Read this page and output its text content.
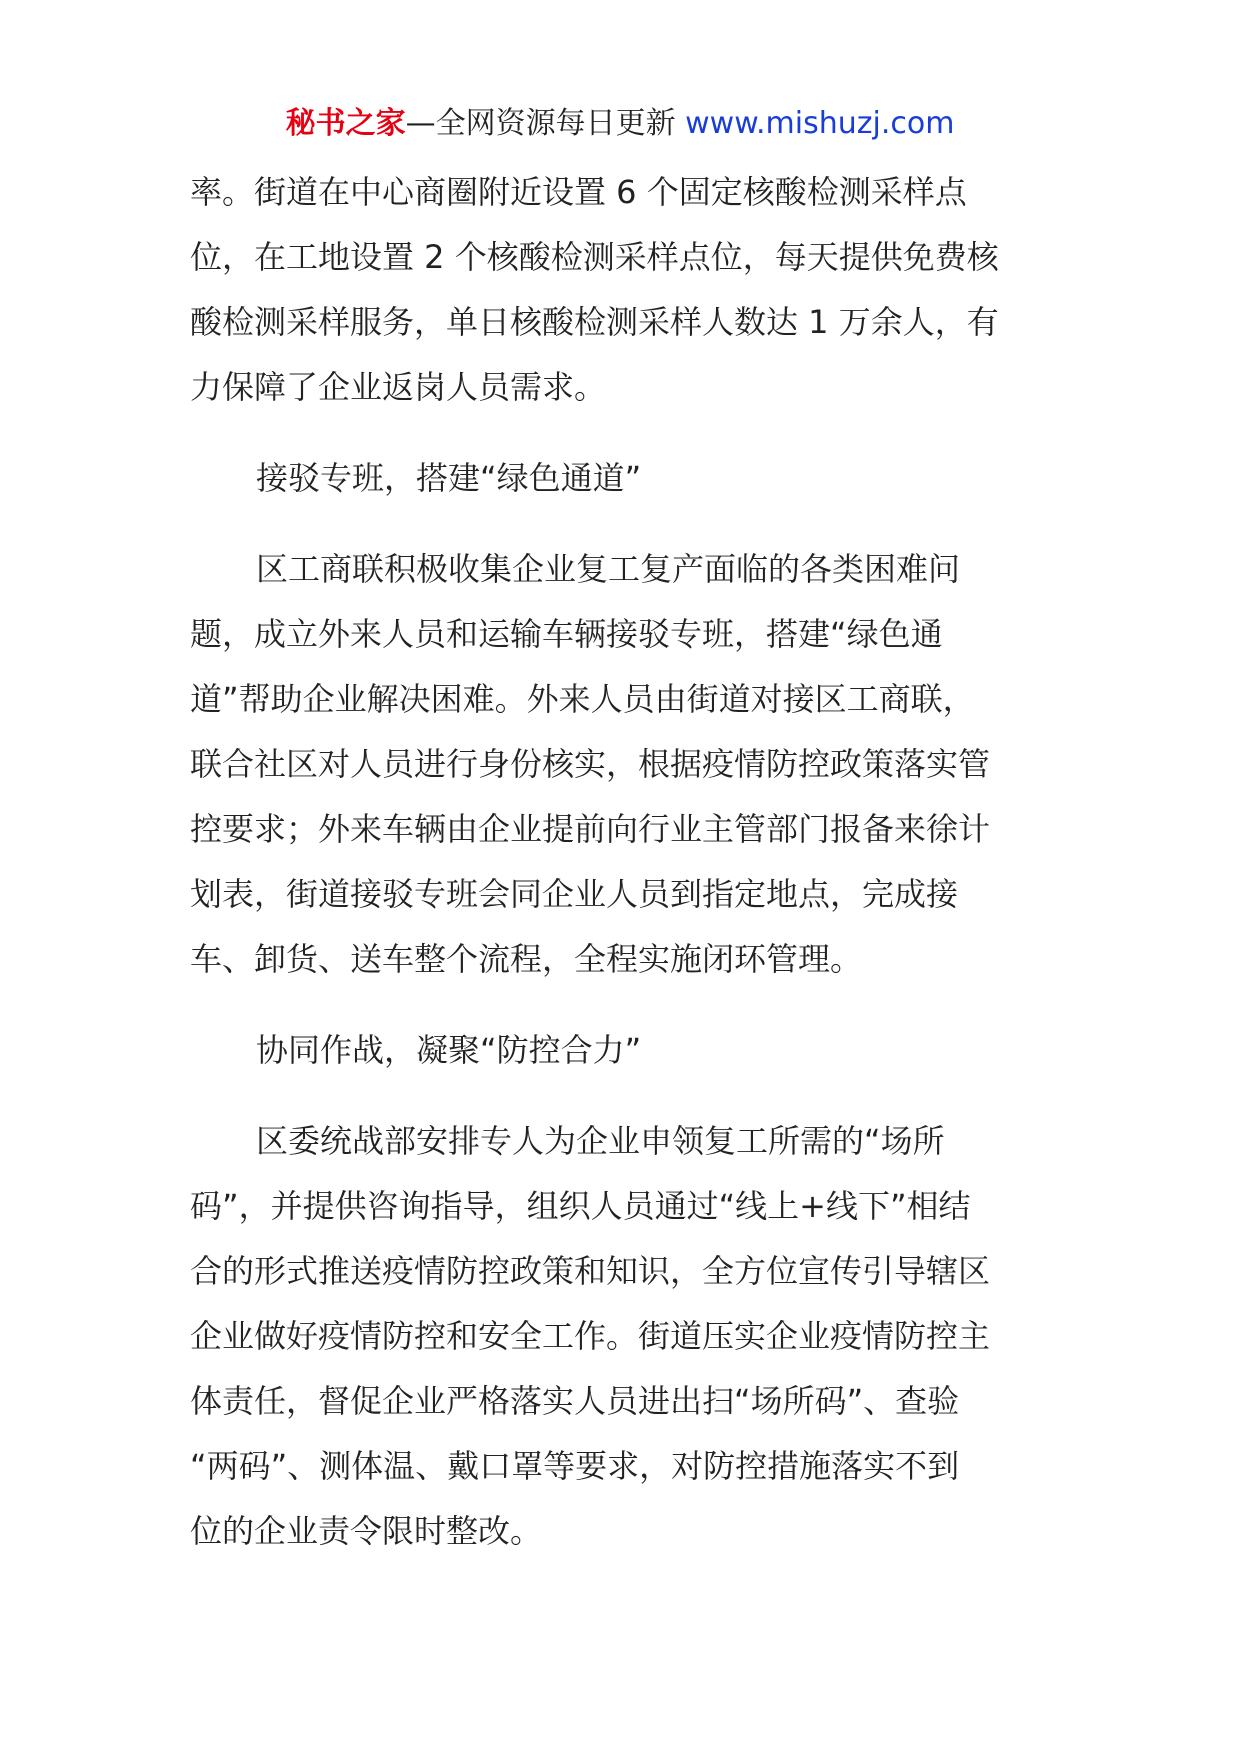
秘书之家—全网资源每日更新 www.mishuzj.com
率。街道在中心商圈附近设置 6 个固定核酸检测采样点
位，在工地设置 2 个核酸检测采样点位，每天提供免费核
酸检测采样服务，单日核酸检测采样人数达 1 万余人，有
力保障了企业返岗人员需求。
接驳专班，搭建“绿色通道”
区工商联积极收集企业复工复产面临的各类困难问
题，成立外来人员和运输车辆接驳专班，搭建“绿色通
道”帮助企业解决困难。外来人员由街道对接区工商联，
联合社区对人员进行身份核实，根据疫情防控政策落实管
控要求；外来车辆由企业提前向行业主管部门报备来徐计
划表，街道接驳专班会同企业人员到指定地点，完成接
车、卸货、送车整个流程，全程实施闭环管理。
协同作战，凝聚“防控合力”
区委统战部安排专人为企业申领复工所需的“场所
码”，并提供咨询指导，组织人员通过“线上+线下”相结
合的形式推送疫情防控政策和知识，全方位宣传引导辖区
企业做好疫情防控和安全工作。街道压实企业疫情防控主
体责任，督促企业严格落实人员进出扫“场所码”、查验
“两码”、测体温、戴口罩等要求，对防控措施落实不到
位的企业责令限时整改。
